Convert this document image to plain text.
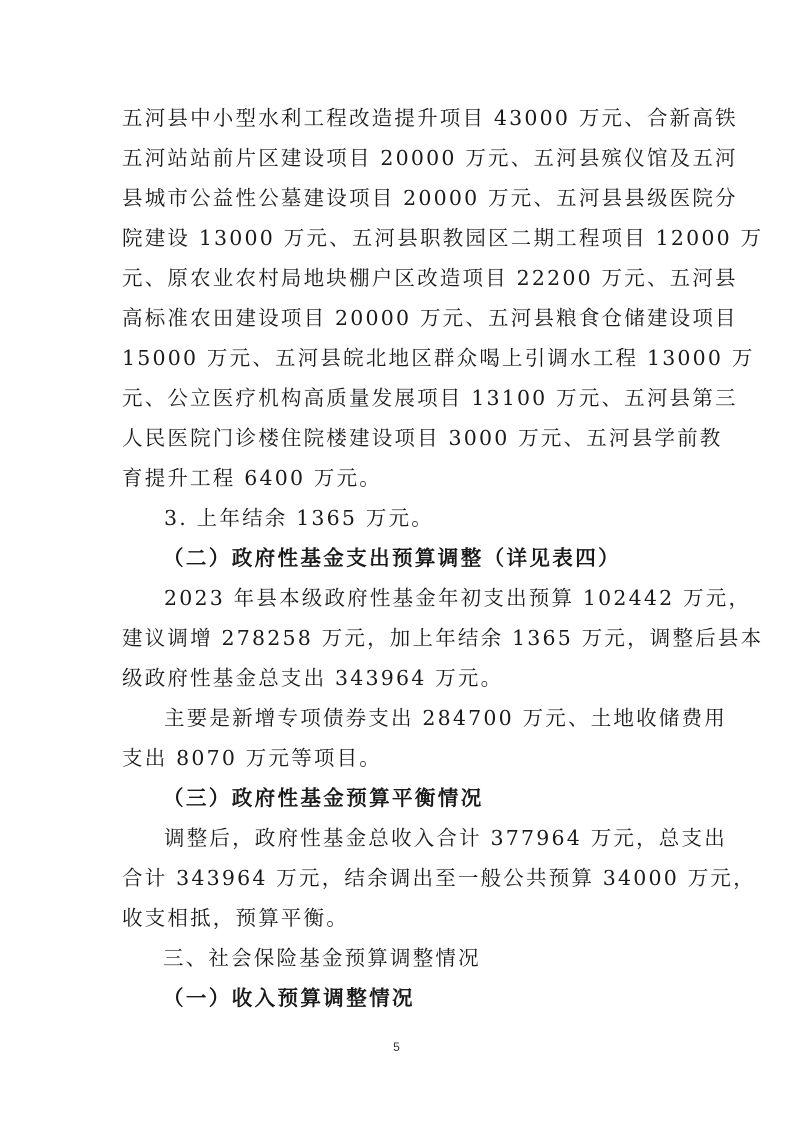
五河县中小型水利工程改造提升项目 43000 万元、合新高铁
五河站站前片区建设项目 20000 万元、五河县殡仪馆及五河
县城市公益性公墓建设项目 20000 万元、五河县县级医院分
院建设 13000 万元、五河县职教园区二期工程项目 12000 万
元、原农业农村局地块棚户区改造项目 22200 万元、五河县
高标准农田建设项目 20000 万元、五河县粮食仓储建设项目
15000 万元、五河县皖北地区群众喝上引调水工程 13000 万
元、公立医疗机构高质量发展项目 13100 万元、五河县第三
人民医院门诊楼住院楼建设项目 3000 万元、五河县学前教
育提升工程 6400 万元。
3. 上年结余 1365 万元。
（二）政府性基金支出预算调整（详见表四）
2023 年县本级政府性基金年初支出预算 102442 万元，
建议调增 278258 万元，加上年结余 1365 万元，调整后县本
级政府性基金总支出 343964 万元。
主要是新增专项债券支出 284700 万元、土地收储费用
支出 8070 万元等项目。
（三）政府性基金预算平衡情况
调整后，政府性基金总收入合计 377964 万元，总支出
合计 343964 万元，结余调出至一般公共预算 34000 万元，
收支相抵，预算平衡。
三、社会保险基金预算调整情况
（一）收入预算调整情况
5
